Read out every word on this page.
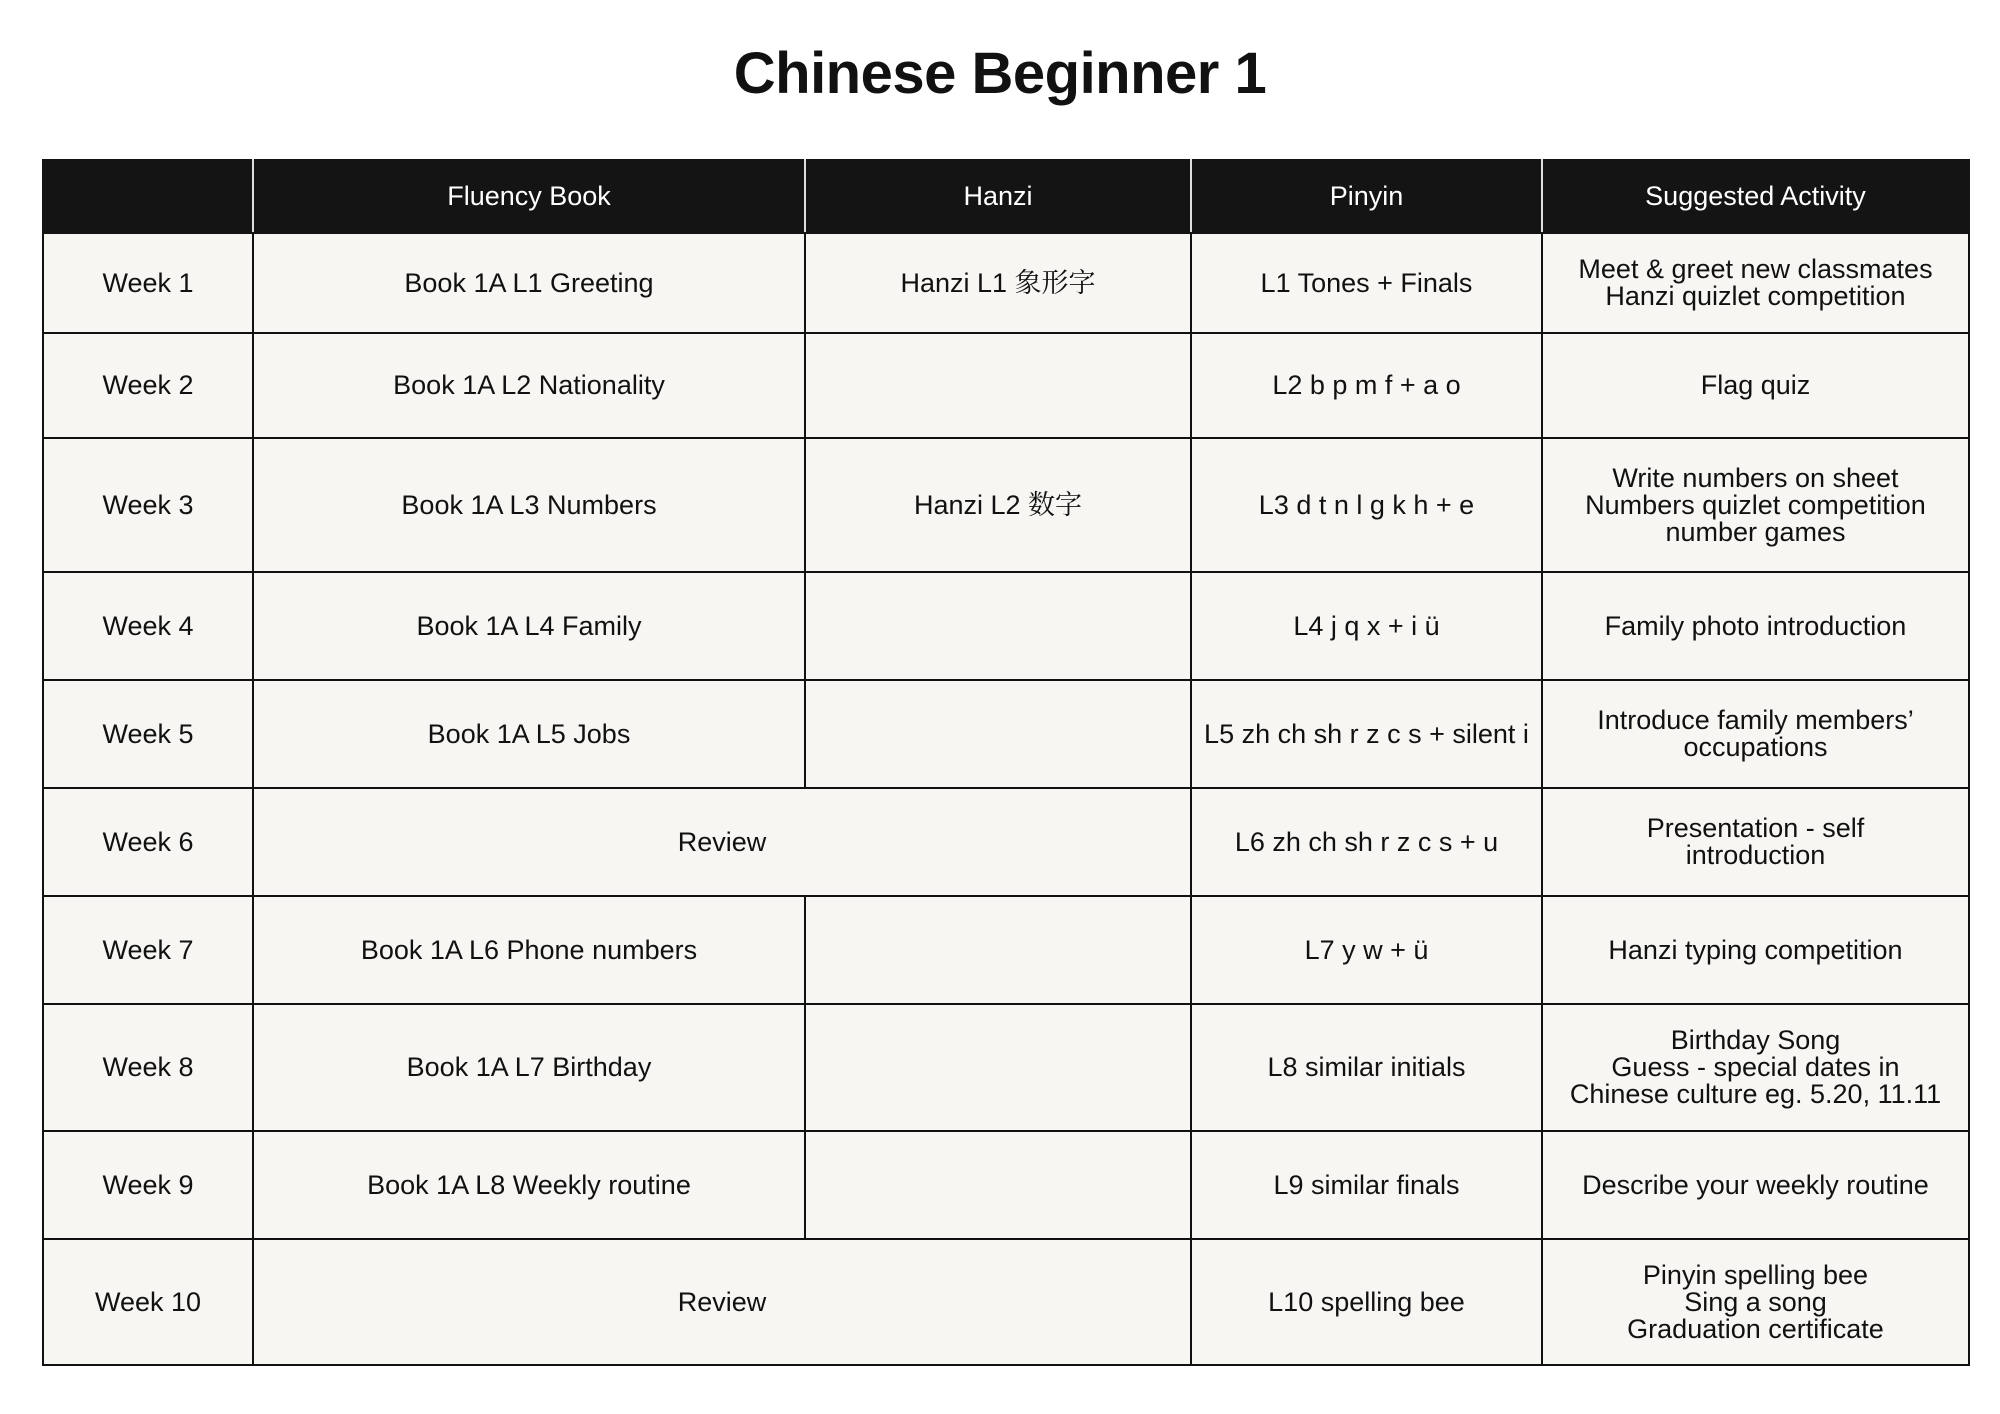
Chinese Beginner 1
	Fluency Book	Hanzi	Pinyin	Suggested Activity
Week 1	Book 1A L1 Greeting	Hanzi L1 象形字	L1 Tones + Finals	Meet & greet new classmates
Hanzi quizlet competition

Week 2	Book 1A L2 Nationality		L2 b p m f + a o	Flag quiz

Week 3	Book 1A L3 Numbers	Hanzi L2 数字	L3 d t n l g k h + e	Write numbers on sheet
Numbers quizlet competition
number games

Week 4	Book 1A L4 Family		L4 j q x + i ü	Family photo introduction

Week 5	Book 1A L5 Jobs		L5 zh ch sh r z c s + silent i	Introduce family members’
occupations

Week 6	Review		L6 zh ch sh r z c s + u	Presentation - self
introduction

Week 7	Book 1A L6 Phone numbers		L7 y w + ü	Hanzi typing competition

Week 8	Book 1A L7 Birthday		L8 similar initials	Birthday Song
Guess - special dates in
Chinese culture eg. 5.20, 11.11

Week 9	Book 1A L8 Weekly routine		L9 similar finals	Describe your weekly routine

Week 10	Review		L10 spelling bee	Pinyin spelling bee
Sing a song
Graduation certificate
